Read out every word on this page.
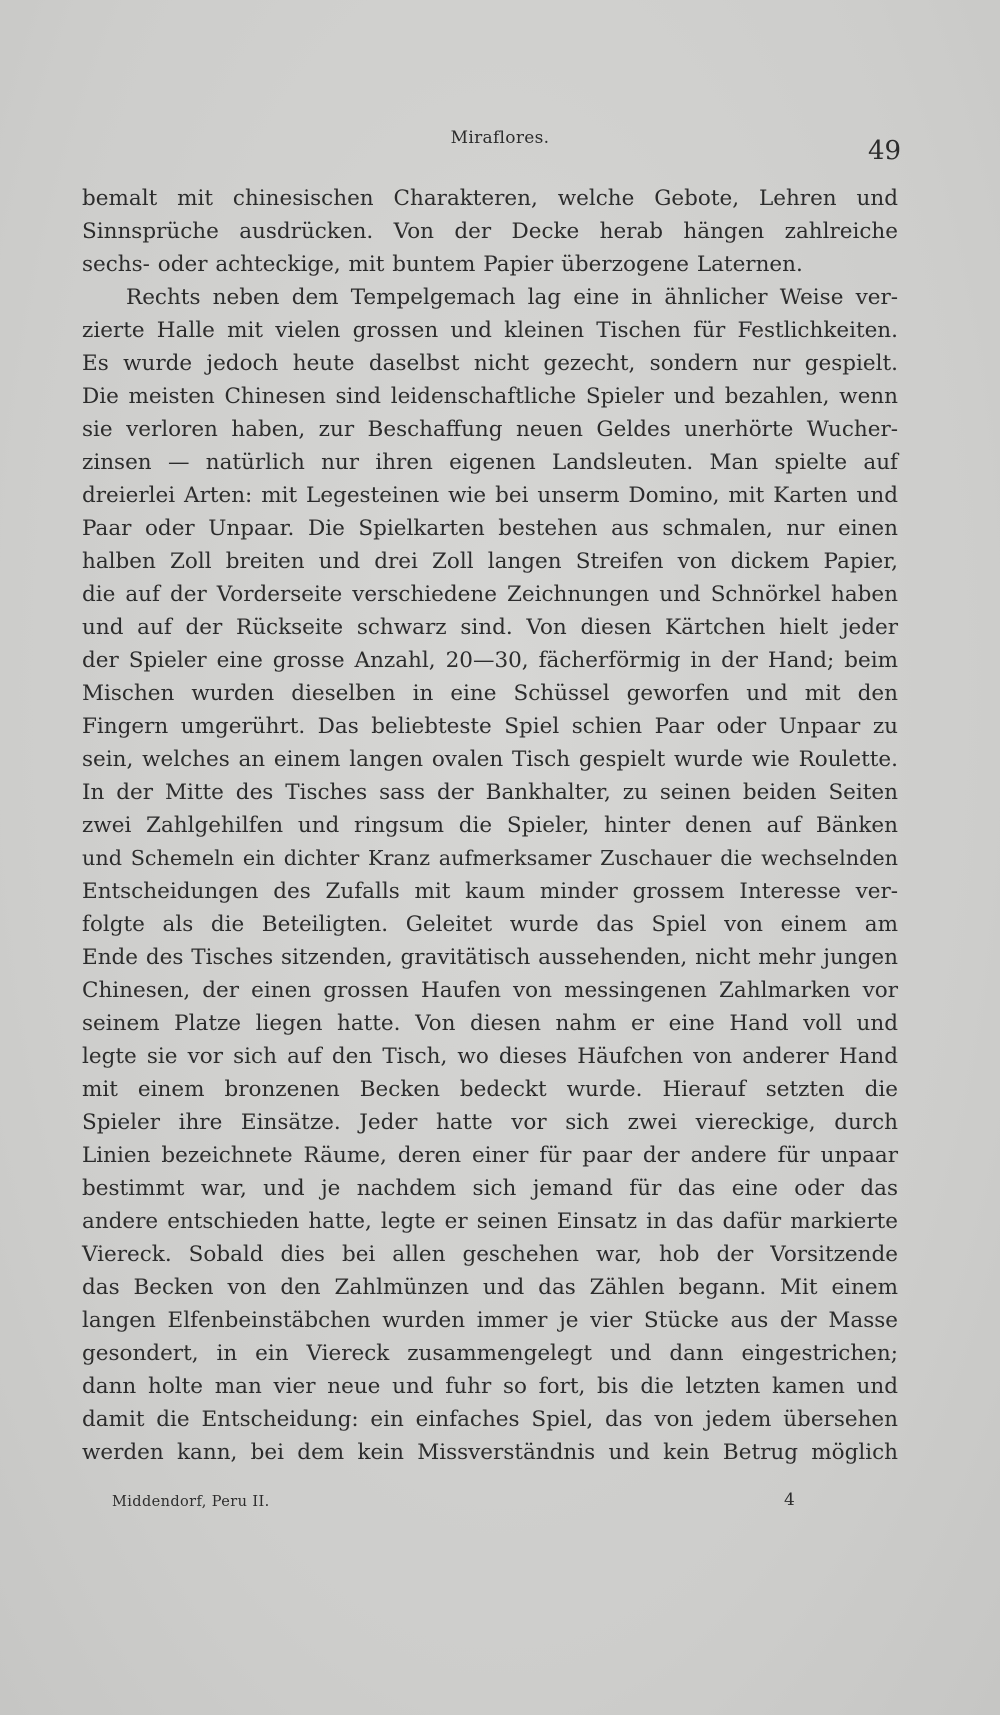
Miraflores.	49
bemalt mit chinesischen Charakteren, welche Gebote, Lehren und
Sinnsprüche ausdrücken. Von der Decke herab hängen zahlreiche
sechs- oder achteckige, mit buntem Papier überzogene Laternen.
Rechts neben dem Tempelgemach lag eine in ähnlicher Weise ver-
zierte Halle mit vielen grossen und kleinen Tischen für Festlichkeiten.
Es wurde jedoch heute daselbst nicht gezecht, sondern nur gespielt.
Die meisten Chinesen sind leidenschaftliche Spieler und bezahlen, wenn
sie verloren haben, zur Beschaffung neuen Geldes unerhörte Wucher-
zinsen — natürlich nur ihren eigenen Landsleuten. Man spielte auf
dreierlei Arten: mit Legesteinen wie bei unserm Domino, mit Karten und
Paar oder Unpaar. Die Spielkarten bestehen aus schmalen, nur einen
halben Zoll breiten und drei Zoll langen Streifen von dickem Papier,
die auf der Vorderseite verschiedene Zeichnungen und Schnörkel haben
und auf der Rückseite schwarz sind. Von diesen Kärtchen hielt jeder
der Spieler eine grosse Anzahl, 20—30, fächerförmig in der Hand; beim
Mischen wurden dieselben in eine Schüssel geworfen und mit den
Fingern umgerührt. Das beliebteste Spiel schien Paar oder Unpaar zu
sein, welches an einem langen ovalen Tisch gespielt wurde wie Roulette.
In der Mitte des Tisches sass der Bankhalter, zu seinen beiden Seiten
zwei Zahlgehilfen und ringsum die Spieler, hinter denen auf Bänken
und Schemeln ein dichter Kranz aufmerksamer Zuschauer die wechselnden
Entscheidungen des Zufalls mit kaum minder grossem Interesse ver-
folgte als die Beteiligten. Geleitet wurde das Spiel von einem am
Ende des Tisches sitzenden, gravitätisch aussehenden, nicht mehr jungen
Chinesen, der einen grossen Haufen von messingenen Zahlmarken vor
seinem Platze liegen hatte. Von diesen nahm er eine Hand voll und
legte sie vor sich auf den Tisch, wo dieses Häufchen von anderer Hand
mit einem bronzenen Becken bedeckt wurde. Hierauf setzten die
Spieler ihre Einsätze. Jeder hatte vor sich zwei viereckige, durch
Linien bezeichnete Räume, deren einer für paar der andere für unpaar
bestimmt war, und je nachdem sich jemand für das eine oder das
andere entschieden hatte, legte er seinen Einsatz in das dafür markierte
Viereck. Sobald dies bei allen geschehen war, hob der Vorsitzende
das Becken von den Zahlmünzen und das Zählen begann. Mit einem
langen Elfenbeinstäbchen wurden immer je vier Stücke aus der Masse
gesondert, in ein Viereck zusammengelegt und dann eingestrichen;
dann holte man vier neue und fuhr so fort, bis die letzten kamen und
damit die Entscheidung: ein einfaches Spiel, das von jedem übersehen
werden kann, bei dem kein Missverständnis und kein Betrug möglich
Middendorf, Peru II.	4
